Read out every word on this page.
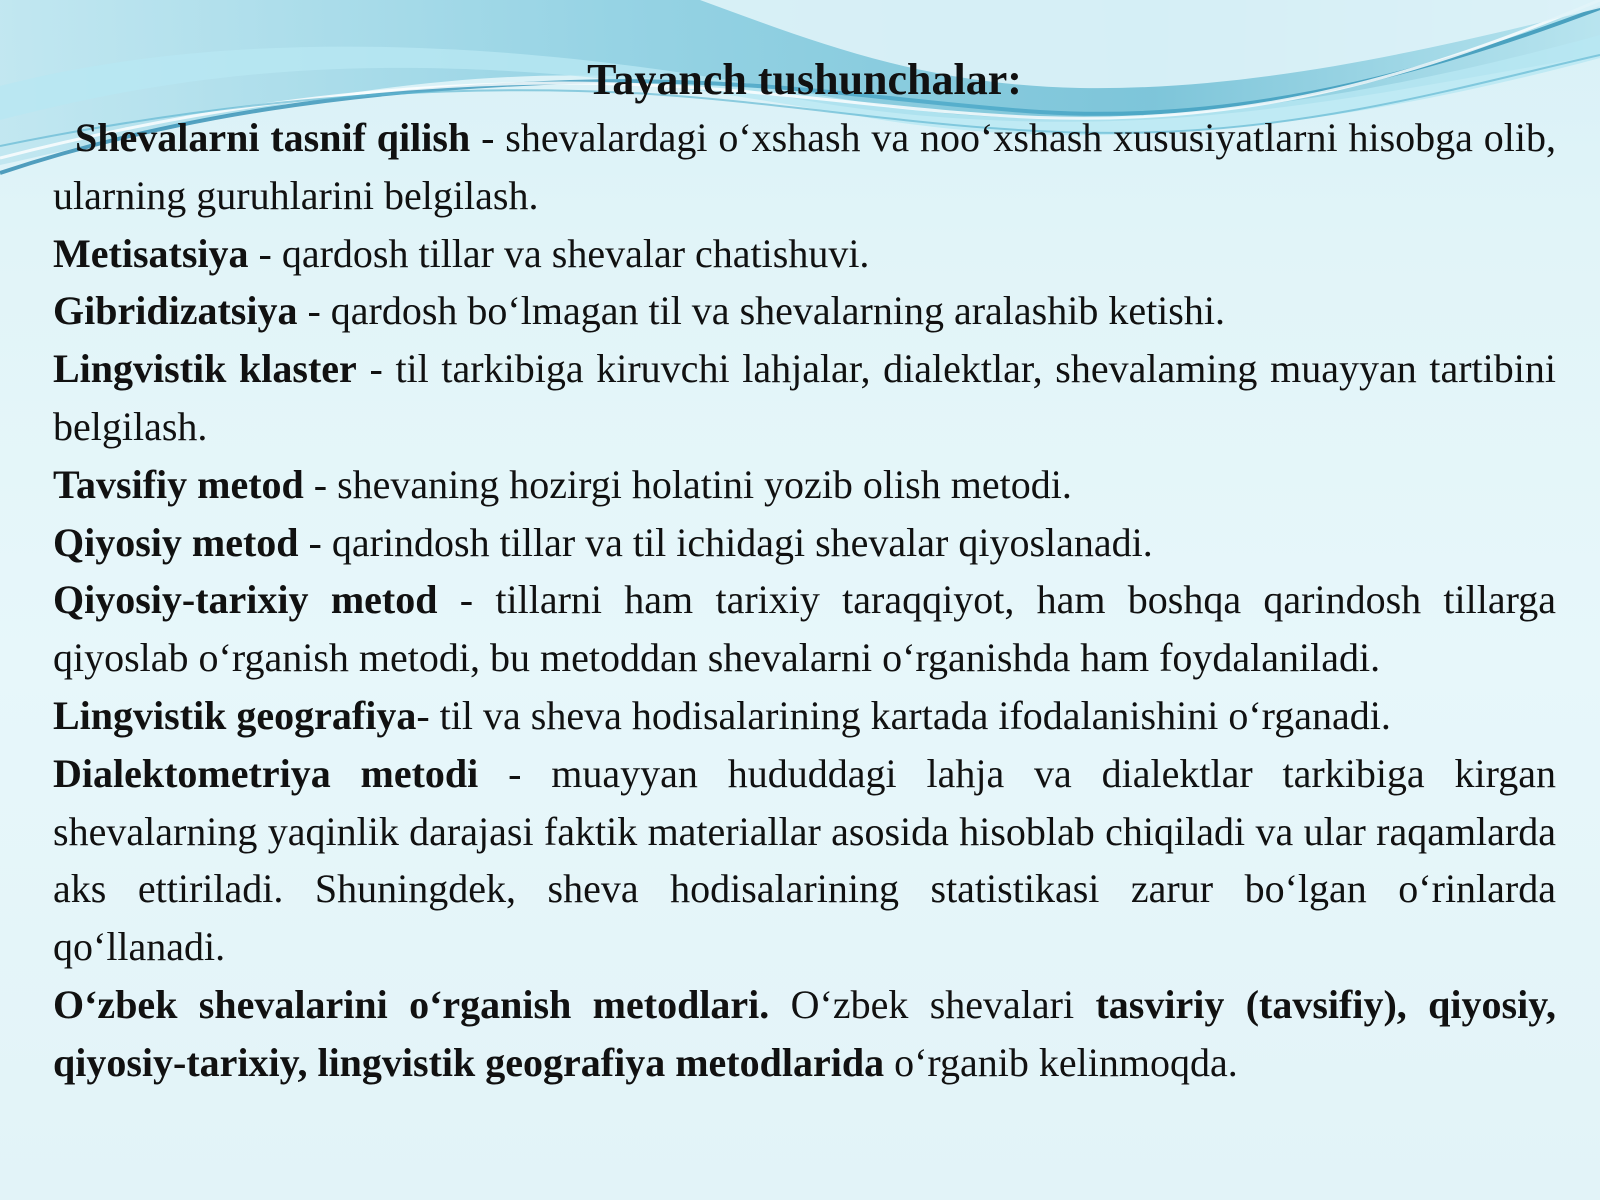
Tayanch tushunchalar:

Shevalarni tasnif qilish - shevalardagi o‘xshash va noo‘xshash xususiyatlarni hisobga olib, ularning guruhlarini belgilash.

Metisatsiya - qardosh tillar va shevalar chatishuvi.

Gibridizatsiya - qardosh bo‘lmagan til va shevalarning aralashib ketishi.

Lingvistik klaster - til tarkibiga kiruvchi lahjalar, dialektlar, shevalaming muayyan tartibini belgilash.

Tavsifiy metod - shevaning hozirgi holatini yozib olish metodi.

Qiyosiy metod - qarindosh tillar va til ichidagi shevalar qiyoslanadi.

Qiyosiy-tarixiy metod - tillarni ham tarixiy taraqqiyot, ham boshqa qarindosh tillarga qiyoslab o‘rganish metodi, bu metoddan shevalarni o‘rganishda ham foydalaniladi.

Lingvistik geografiya- til va sheva hodisalarining kartada ifodalanishini o‘rganadi.

Dialektometriya metodi - muayyan hududdagi lahja va dialektlar tarkibiga kirgan shevalarning yaqinlik darajasi faktik materiallar asosida hisoblab chiqiladi va ular raqamlarda aks ettiriladi. Shuningdek, sheva hodisalarining statistikasi zarur bo‘lgan o‘rinlarda qo‘llanadi.

O‘zbek shevalarini o‘rganish metodlari. O‘zbek shevalari tasviriy (tavsifiy), qiyosiy, qiyosiy-tarixiy, lingvistik geografiya metodlarida o‘rganib kelinmoqda.
